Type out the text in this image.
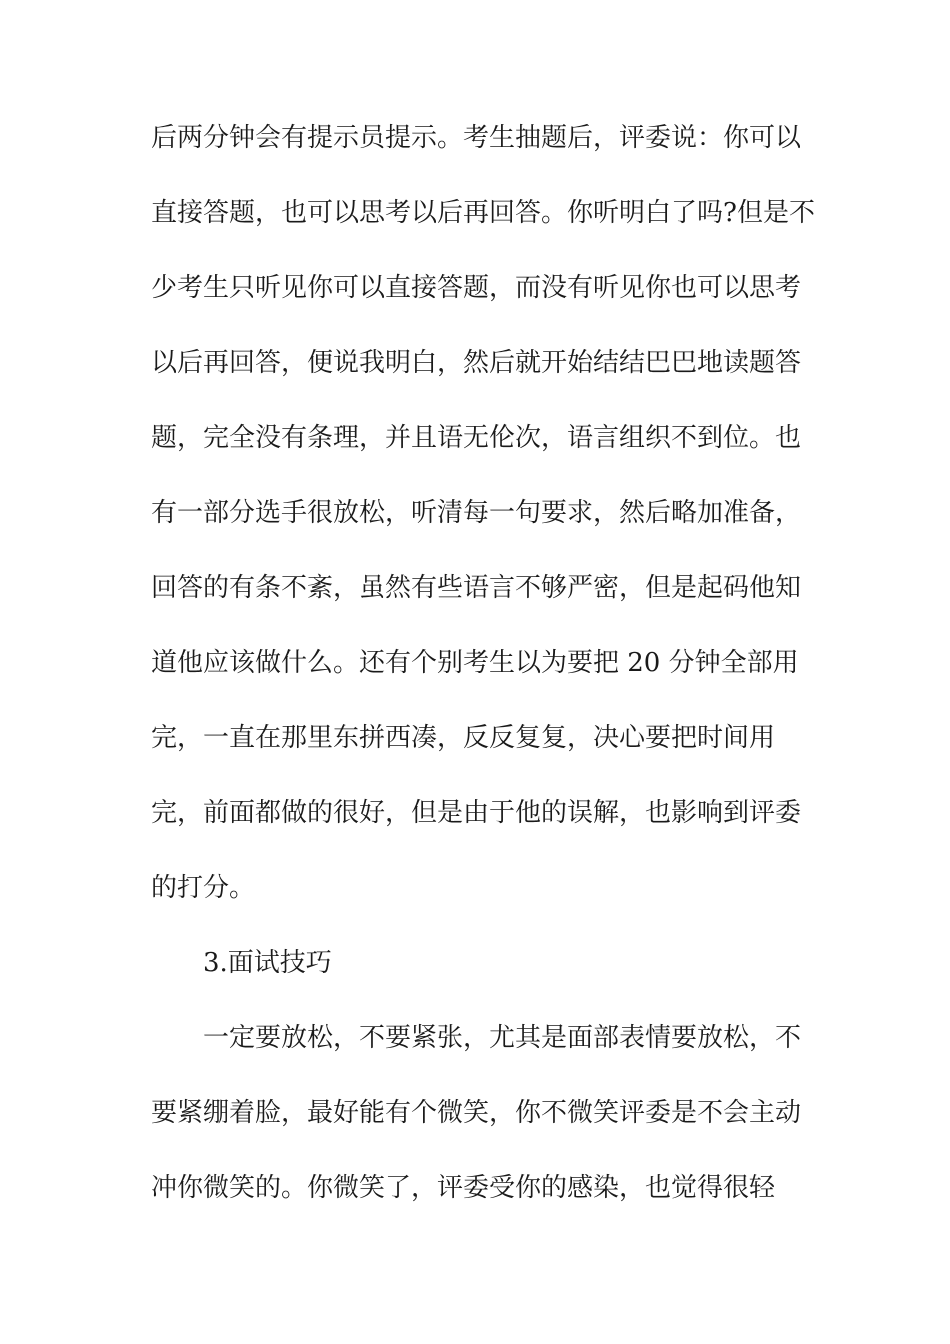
后两分钟会有提示员提示。考生抽题后，评委说：你可以
直接答题，也可以思考以后再回答。你听明白了吗?但是不
少考生只听见你可以直接答题，而没有听见你也可以思考
以后再回答，便说我明白，然后就开始结结巴巴地读题答
题，完全没有条理，并且语无伦次，语言组织不到位。也
有一部分选手很放松，听清每一句要求，然后略加准备，
回答的有条不紊，虽然有些语言不够严密，但是起码他知
道他应该做什么。还有个别考生以为要把 20 分钟全部用
完，一直在那里东拼西凑，反反复复，决心要把时间用
完，前面都做的很好，但是由于他的误解，也影响到评委
的打分。
3.面试技巧
一定要放松，不要紧张，尤其是面部表情要放松，不
要紧绷着脸，最好能有个微笑，你不微笑评委是不会主动
冲你微笑的。你微笑了，评委受你的感染，也觉得很轻
